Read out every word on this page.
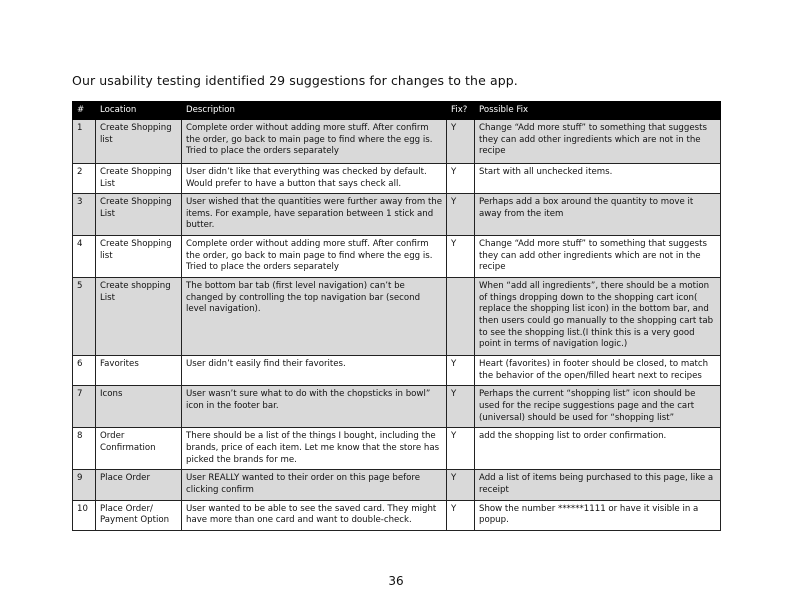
Our usability testing identified 29 suggestions for changes to the app.
#	Location	Description	Fix?	Possible Fix
1	Create Shopping list	Complete order without adding more stuff. After confirm the order, go back to main page to find where the egg is. Tried to place the orders separately	Y	Change “Add more stuff” to something that suggests they can add other ingredients which are not in the recipe
2	Create Shopping List	User didn’t like that everything was checked by default. Would prefer to have a button that says check all.	Y	Start with all unchecked items.
3	Create Shopping List	User wished that the quantities were further away from the items. For example, have separation between 1 stick and butter.	Y	Perhaps add a box around the quantity to move it away from the item
4	Create Shopping list	Complete order without adding more stuff. After confirm the order, go back to main page to find where the egg is. Tried to place the orders separately	Y	Change “Add more stuff” to something that suggests they can add other ingredients which are not in the recipe
5	Create shopping List	The bottom bar tab (first level navigation) can’t be changed by controlling the top navigation bar (second level navigation).		When “add all ingredients”, there should be a motion of things dropping down to the shopping cart icon( replace the shopping list icon) in the bottom bar, and then users could go manually to the shopping cart tab to see the shopping list.(I think this is a very good point in terms of navigation logic.)
6	Favorites	User didn’t easily find their favorites.	Y	Heart (favorites) in footer should be closed, to match the behavior of the open/filled heart next to recipes
7	Icons	User wasn’t sure what to do with the chopsticks in bowl” icon in the footer bar.	Y	Perhaps the current “shopping list” icon should be used for the recipe suggestions page and the cart (universal) should be used for “shopping list”
8	Order Confirmation	There should be a list of the things I bought, including the brands, price of each item. Let me know that the store has picked the brands for me.	Y	add the shopping list to order confirmation.
9	Place Order	User REALLY wanted to their order on this page before clicking confirm	Y	Add a list of items being purchased to this page, like a receipt
10	Place Order/ Payment Option	User wanted to be able to see the saved card. They might have more than one card and want to double-check.	Y	Show the number ******1111 or have it visible in a popup.
36
